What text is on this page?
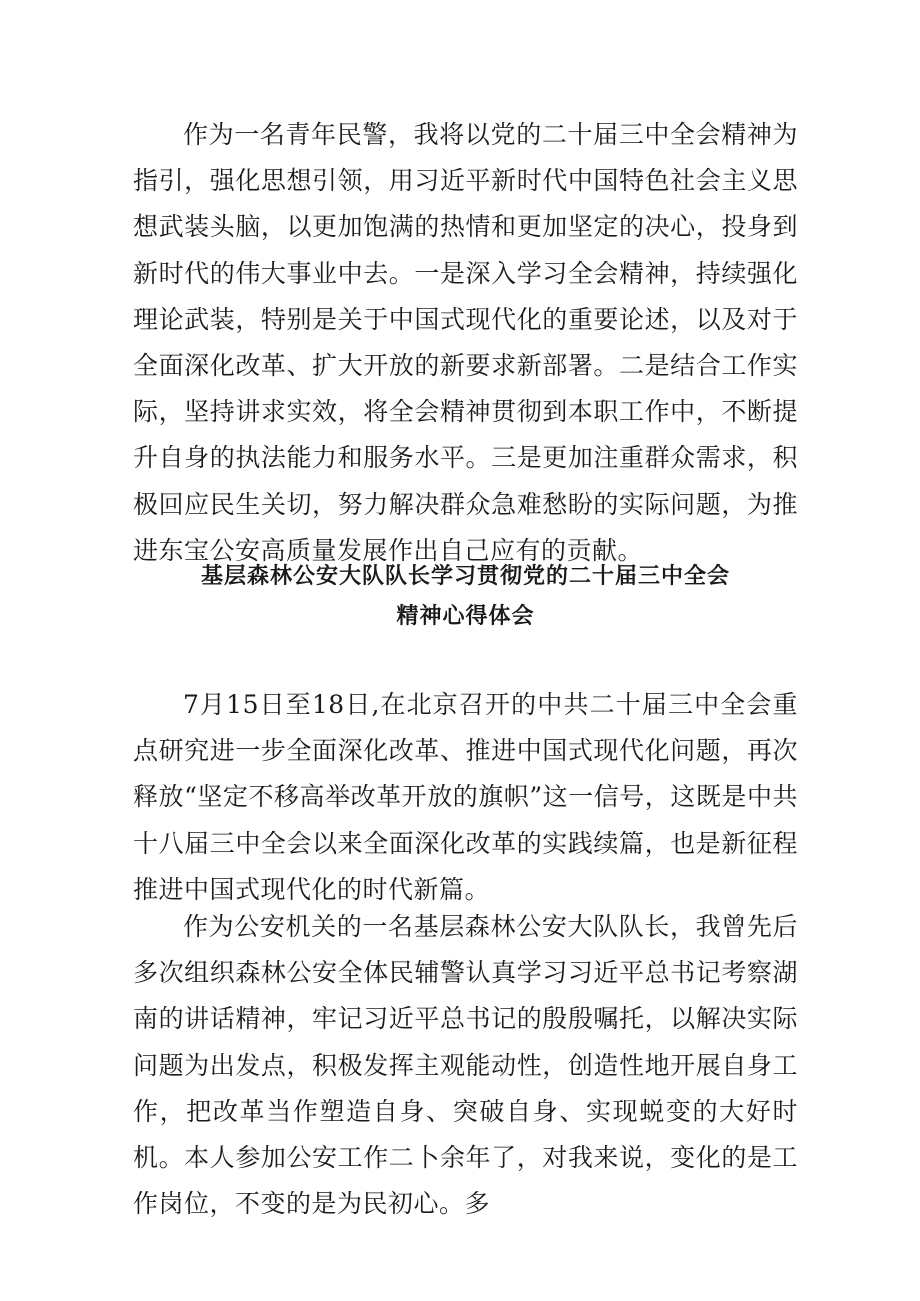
作为一名青年民警，我将以党的二十届三中全会精神为指引，强化思想引领，用习近平新时代中国特色社会主义思想武装头脑，以更加饱满的热情和更加坚定的决心，投身到新时代的伟大事业中去。一是深入学习全会精神，持续强化理论武装，特别是关于中国式现代化的重要论述，以及对于全面深化改革、扩大开放的新要求新部署。二是结合工作实际，坚持讲求实效，将全会精神贯彻到本职工作中，不断提升自身的执法能力和服务水平。三是更加注重群众需求，积极回应民生关切，努力解决群众急难愁盼的实际问题，为推进东宝公安高质量发展作出自己应有的贡献。

基层森林公安大队队长学习贯彻党的二十届三中全会
精神心得体会

7月15日至18日,在北京召开的中共二十届三中全会重点研究进一步全面深化改革、推进中国式现代化问题，再次释放“坚定不移高举改革开放的旗帜”这一信号，这既是中共十八届三中全会以来全面深化改革的实践续篇，也是新征程推进中国式现代化的时代新篇。

作为公安机关的一名基层森林公安大队队长，我曾先后多次组织森林公安全体民辅警认真学习习近平总书记考察湖南的讲话精神，牢记习近平总书记的殷殷嘱托，以解决实际问题为出发点，积极发挥主观能动性，创造性地开展自身工作，把改革当作塑造自身、突破自身、实现蜕变的大好时机。本人参加公安工作二卜余年了，对我来说，变化的是工作岗位，不变的是为民初心。多
